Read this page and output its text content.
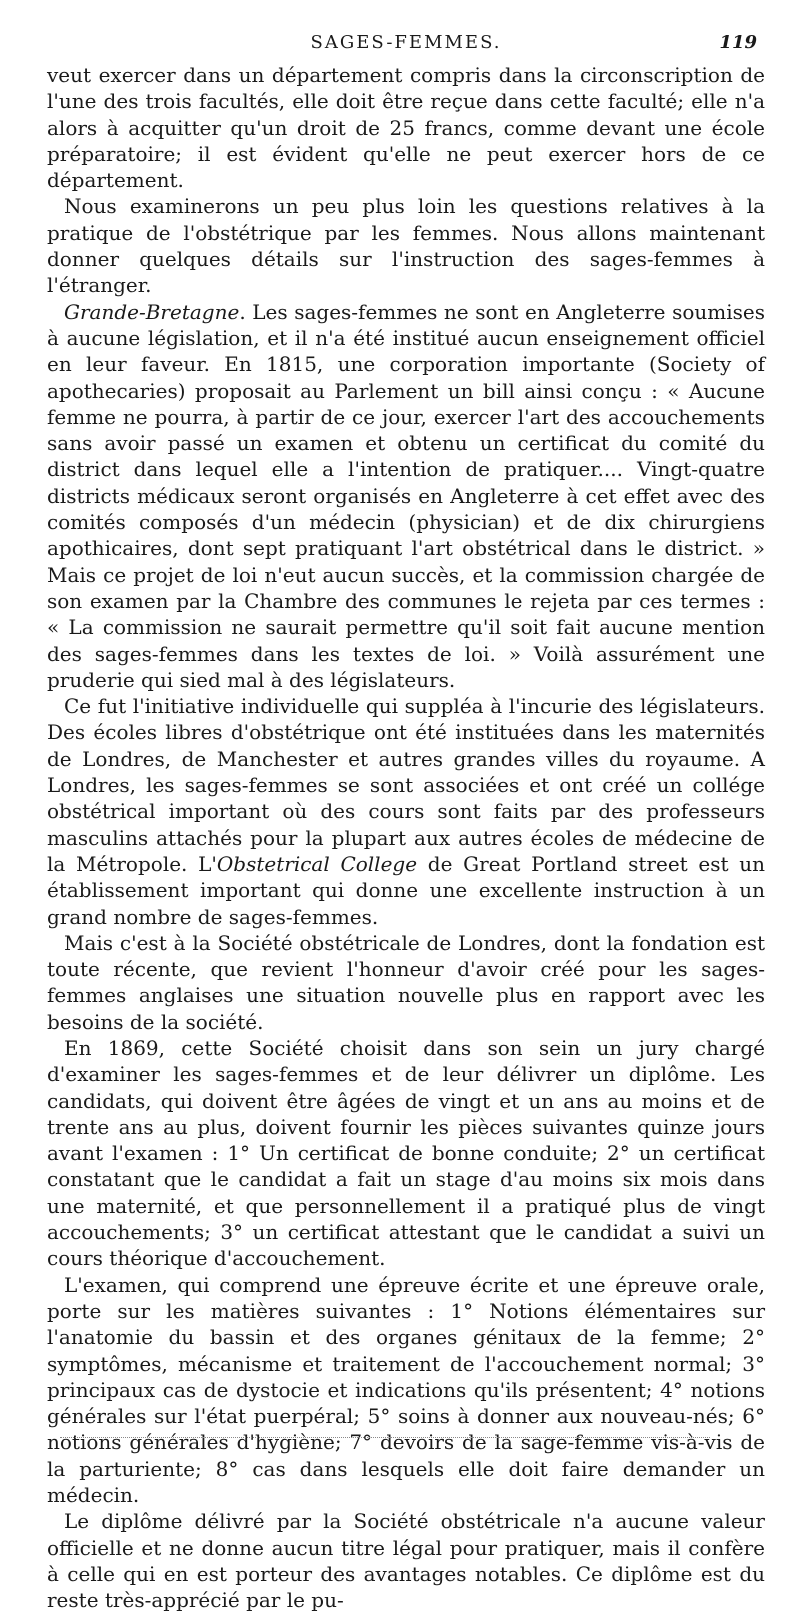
SAGES-FEMMES.	119

veut exercer dans un département compris dans la circonscription de l'une des trois facultés, elle doit être reçue dans cette faculté; elle n'a alors à acquitter qu'un droit de 25 francs, comme devant une école préparatoire; il est évident qu'elle ne peut exercer hors de ce département.

Nous examinerons un peu plus loin les questions relatives à la pratique de l'obstétrique par les femmes. Nous allons maintenant donner quelques détails sur l'instruction des sages-femmes à l'étranger.

Grande-Bretagne. Les sages-femmes ne sont en Angleterre soumises à aucune législation, et il n'a été institué aucun enseignement officiel en leur faveur. En 1815, une corporation importante (Society of apothecaries) proposait au Parlement un bill ainsi conçu : « Aucune femme ne pourra, à partir de ce jour, exercer l'art des accouchements sans avoir passé un examen et obtenu un certificat du comité du district dans lequel elle a l'intention de pratiquer.... Vingt-quatre districts médicaux seront organisés en Angleterre à cet effet avec des comités composés d'un médecin (physician) et de dix chirurgiens apothicaires, dont sept pratiquant l'art obstétrical dans le district. » Mais ce projet de loi n'eut aucun succès, et la commission chargée de son examen par la Chambre des communes le rejeta par ces termes : « La commission ne saurait permettre qu'il soit fait aucune mention des sages-femmes dans les textes de loi. » Voilà assurément une pruderie qui sied mal à des législateurs.

Ce fut l'initiative individuelle qui suppléa à l'incurie des législateurs. Des écoles libres d'obstétrique ont été instituées dans les maternités de Londres, de Manchester et autres grandes villes du royaume. A Londres, les sages-femmes se sont associées et ont créé un collége obstétrical important où des cours sont faits par des professeurs masculins attachés pour la plupart aux autres écoles de médecine de la Métropole. L'Obstetrical College de Great Portland street est un établissement important qui donne une excellente instruction à un grand nombre de sages-femmes.

Mais c'est à la Société obstétricale de Londres, dont la fondation est toute récente, que revient l'honneur d'avoir créé pour les sages-femmes anglaises une situation nouvelle plus en rapport avec les besoins de la société.

En 1869, cette Société choisit dans son sein un jury chargé d'examiner les sages-femmes et de leur délivrer un diplôme. Les candidats, qui doivent être âgées de vingt et un ans au moins et de trente ans au plus, doivent fournir les pièces suivantes quinze jours avant l'examen : 1° Un certificat de bonne conduite; 2° un certificat constatant que le candidat a fait un stage d'au moins six mois dans une maternité, et que personnellement il a pratiqué plus de vingt accouchements; 3° un certificat attestant que le candidat a suivi un cours théorique d'accouchement.

L'examen, qui comprend une épreuve écrite et une épreuve orale, porte sur les matières suivantes : 1° Notions élémentaires sur l'anatomie du bassin et des organes génitaux de la femme; 2° symptômes, mécanisme et traitement de l'accouchement normal; 3° principaux cas de dystocie et indications qu'ils présentent; 4° notions générales sur l'état puerpéral; 5° soins à donner aux nouveau-nés; 6° notions générales d'hygiène; 7° devoirs de la sage-femme vis-à-vis de la parturiente; 8° cas dans lesquels elle doit faire demander un médecin.

Le diplôme délivré par la Société obstétricale n'a aucune valeur officielle et ne donne aucun titre légal pour pratiquer, mais il confère à celle qui en est porteur des avantages notables. Ce diplôme est du reste très-apprécié par le pu-
